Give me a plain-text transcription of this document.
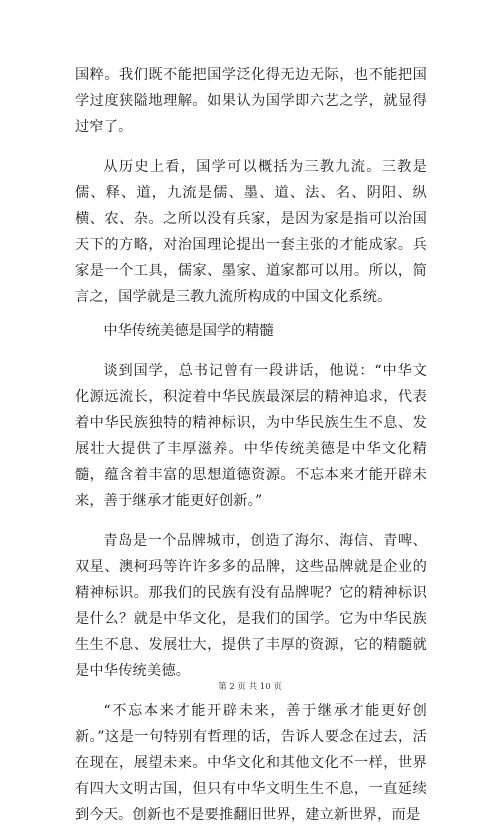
国粹。我们既不能把国学泛化得无边无际，也不能把国学过度狭隘地理解。如果认为国学即六艺之学，就显得过窄了。

从历史上看，国学可以概括为三教九流。三教是儒、释、道，九流是儒、墨、道、法、名、阴阳、纵横、农、杂。之所以没有兵家，是因为家是指可以治国天下的方略，对治国理论提出一套主张的才能成家。兵家是一个工具，儒家、墨家、道家都可以用。所以，简言之，国学就是三教九流所构成的中国文化系统。

中华传统美德是国学的精髓

谈到国学，总书记曾有一段讲话，他说：“中华文化源远流长，积淀着中华民族最深层的精神追求，代表着中华民族独特的精神标识，为中华民族生生不息、发展壮大提供了丰厚滋养。中华传统美德是中华文化精髓，蕴含着丰富的思想道德资源。不忘本来才能开辟未来，善于继承才能更好创新。”

青岛是一个品牌城市，创造了海尔、海信、青啤、双星、澳柯玛等许许多多的品牌，这些品牌就是企业的精神标识。那我们的民族有没有品牌呢？它的精神标识是什么？就是中华文化，是我们的国学。它为中华民族生生不息、发展壮大，提供了丰厚的资源，它的精髓就是中华传统美德。

“不忘本来才能开辟未来，善于继承才能更好创新。”这是一句特别有哲理的话，告诉人要念在过去，活在现在，展望未来。中华文化和其他文化不一样，世界有四大文明古国，但只有中华文明生生不息，一直延续到今天。创新也不是要推翻旧世界，建立新世界，而是

第 2 页 共 10 页
